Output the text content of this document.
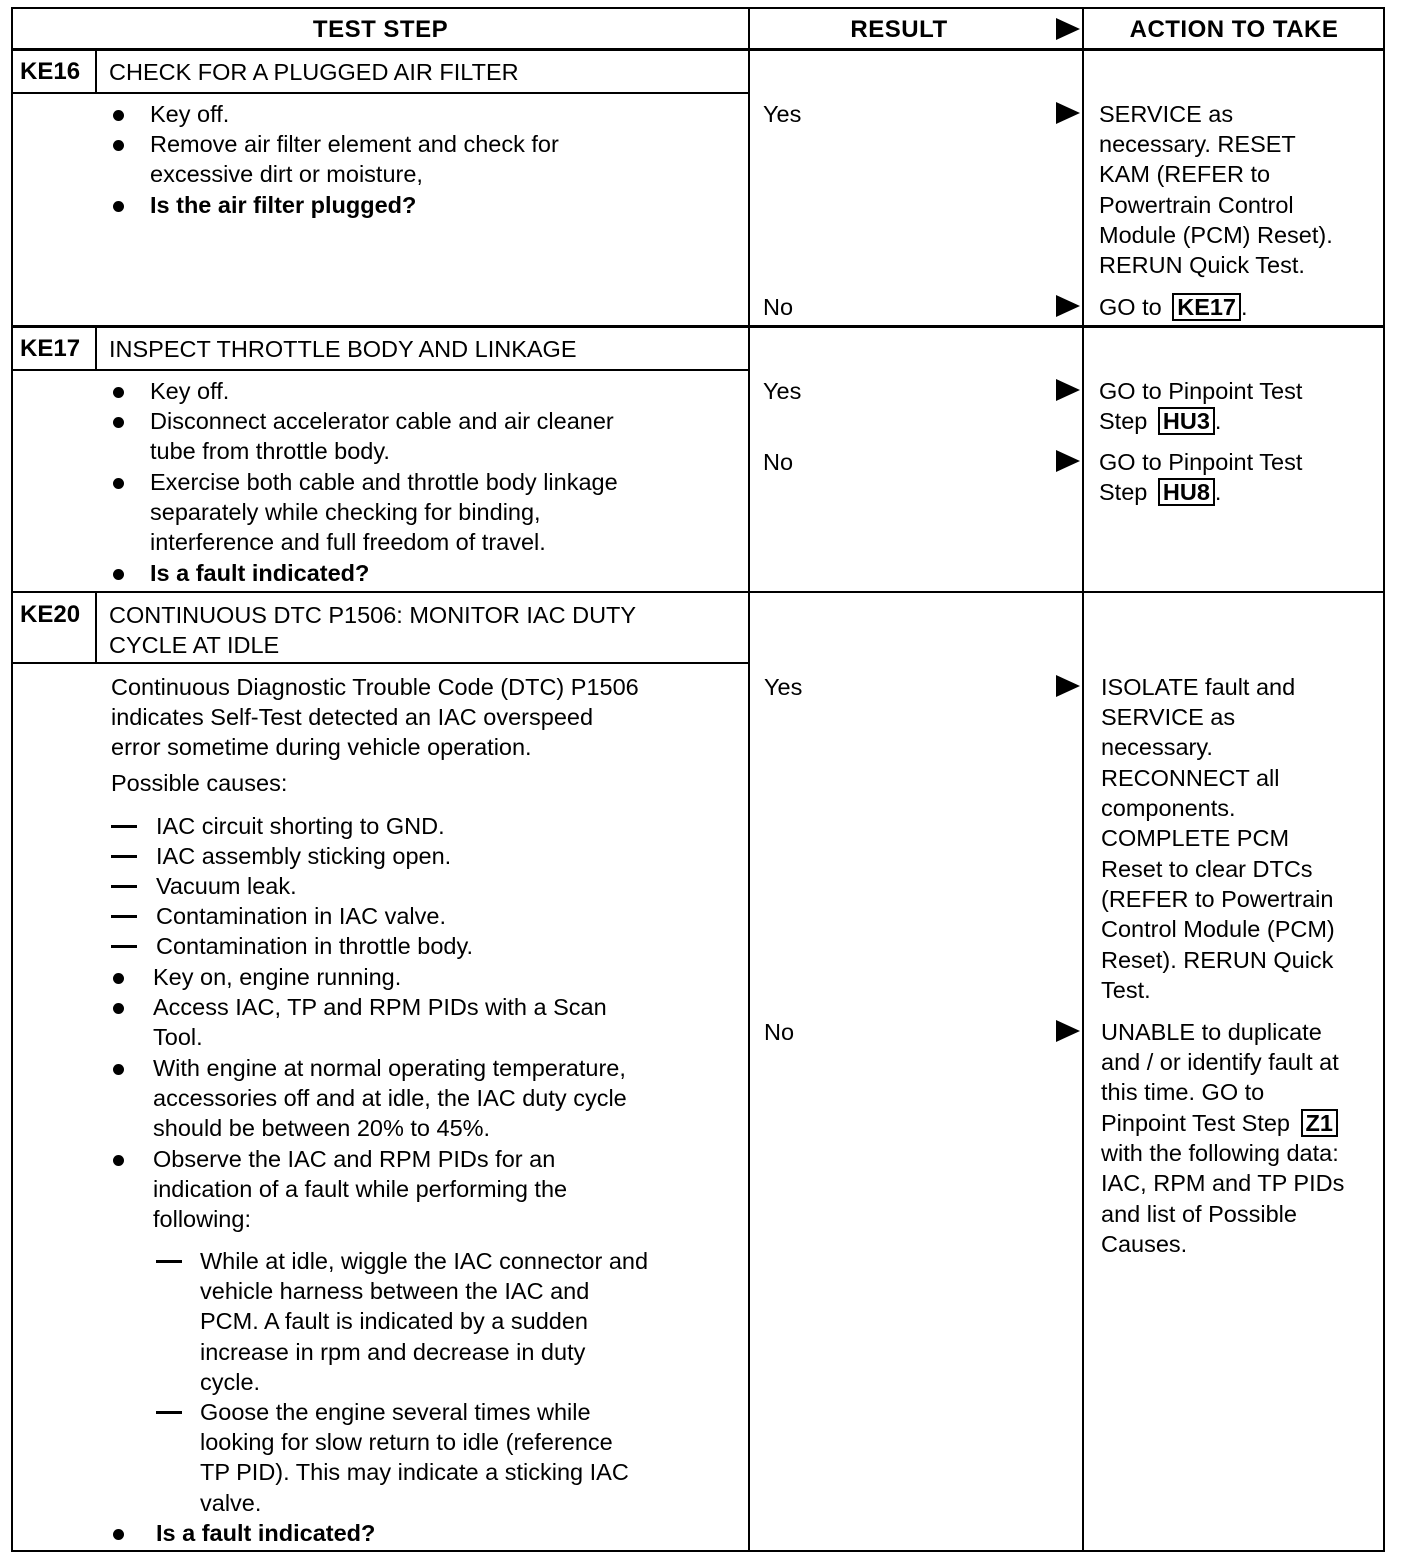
TEST STEP	RESULT	ACTION TO TAKE
KE16 CHECK FOR A PLUGGED AIR FILTER
Key off.
Remove air filter element and check for
excessive dirt or moisture,
Is the air filter plugged?
Yes	SERVICE as
necessary. RESET
KAM (REFER to
Powertrain Control
Module (PCM) Reset).
RERUN Quick Test.
No	GO to KE17 .
KE17 INSPECT THROTTLE BODY AND LINKAGE
Key off.
Disconnect accelerator cable and air cleaner
tube from throttle body.
Exercise both cable and throttle body linkage
separately while checking for binding,
interference and full freedom of travel.
Is a fault indicated?
Yes	GO to Pinpoint Test
Step HU3 .
No	GO to Pinpoint Test
Step HU8 .
KE20 CONTINUOUS DTC P1506: MONITOR IAC DUTY
CYCLE AT IDLE
Continuous Diagnostic Trouble Code (DTC) P1506
indicates Self-Test detected an IAC overspeed
error sometime during vehicle operation.
Possible causes:
IAC circuit shorting to GND.
IAC assembly sticking open.
Vacuum leak.
Contamination in IAC valve.
Contamination in throttle body.
Key on, engine running.
Access IAC, TP and RPM PIDs with a Scan
Tool.
With engine at normal operating temperature,
accessories off and at idle, the IAC duty cycle
should be between 20% to 45%.
Observe the IAC and RPM PIDs for an
indication of a fault while performing the
following:
While at idle, wiggle the IAC connector and
vehicle harness between the IAC and
PCM. A fault is indicated by a sudden
increase in rpm and decrease in duty
cycle.
Goose the engine several times while
looking for slow return to idle (reference
TP PID). This may indicate a sticking IAC
valve.
Is a fault indicated?
Yes	ISOLATE fault and
SERVICE as
necessary.
RECONNECT all
components.
COMPLETE PCM
Reset to clear DTCs
(REFER to Powertrain
Control Module (PCM)
Reset). RERUN Quick
Test.
No	UNABLE to duplicate
and / or identify fault at
this time. GO to
Pinpoint Test Step Z1
with the following data:
IAC, RPM and TP PIDs
and list of Possible
Causes.
